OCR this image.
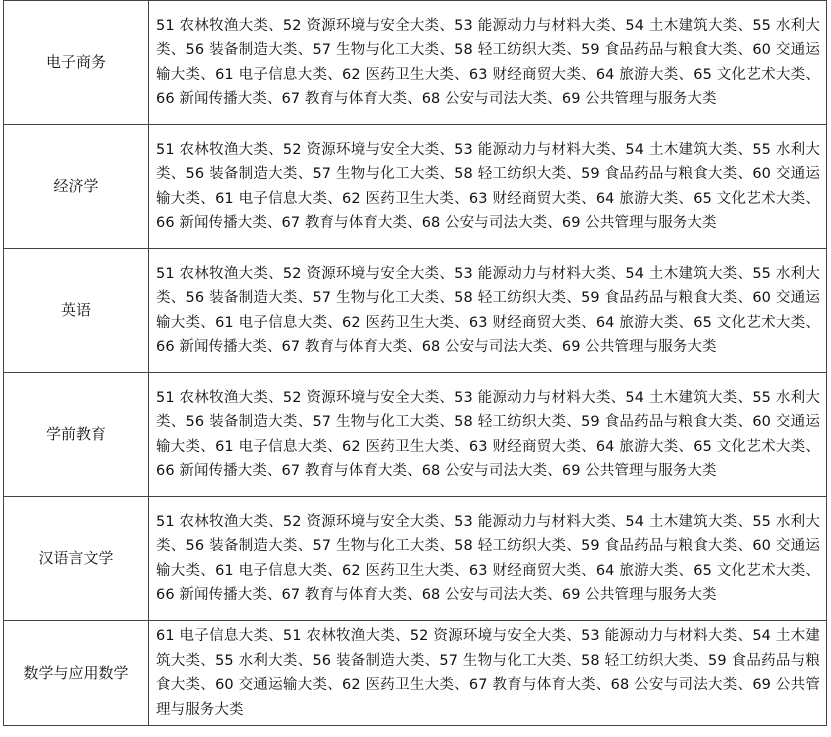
电子商务	51 农林牧渔大类、52 资源环境与安全大类、53 能源动力与材料大类、54 土木建筑大类、55 水利大类、56 装备制造大类、57 生物与化工大类、58 轻工纺织大类、59 食品药品与粮食大类、60 交通运输大类、61 电子信息大类、62 医药卫生大类、63 财经商贸大类、64 旅游大类、65 文化艺术大类、66 新闻传播大类、67 教育与体育大类、68 公安与司法大类、69 公共管理与服务大类
经济学	51 农林牧渔大类、52 资源环境与安全大类、53 能源动力与材料大类、54 土木建筑大类、55 水利大类、56 装备制造大类、57 生物与化工大类、58 轻工纺织大类、59 食品药品与粮食大类、60 交通运输大类、61 电子信息大类、62 医药卫生大类、63 财经商贸大类、64 旅游大类、65 文化艺术大类、66 新闻传播大类、67 教育与体育大类、68 公安与司法大类、69 公共管理与服务大类
英语	51 农林牧渔大类、52 资源环境与安全大类、53 能源动力与材料大类、54 土木建筑大类、55 水利大类、56 装备制造大类、57 生物与化工大类、58 轻工纺织大类、59 食品药品与粮食大类、60 交通运输大类、61 电子信息大类、62 医药卫生大类、63 财经商贸大类、64 旅游大类、65 文化艺术大类、66 新闻传播大类、67 教育与体育大类、68 公安与司法大类、69 公共管理与服务大类
学前教育	51 农林牧渔大类、52 资源环境与安全大类、53 能源动力与材料大类、54 土木建筑大类、55 水利大类、56 装备制造大类、57 生物与化工大类、58 轻工纺织大类、59 食品药品与粮食大类、60 交通运输大类、61 电子信息大类、62 医药卫生大类、63 财经商贸大类、64 旅游大类、65 文化艺术大类、66 新闻传播大类、67 教育与体育大类、68 公安与司法大类、69 公共管理与服务大类
汉语言文学	51 农林牧渔大类、52 资源环境与安全大类、53 能源动力与材料大类、54 土木建筑大类、55 水利大类、56 装备制造大类、57 生物与化工大类、58 轻工纺织大类、59 食品药品与粮食大类、60 交通运输大类、61 电子信息大类、62 医药卫生大类、63 财经商贸大类、64 旅游大类、65 文化艺术大类、66 新闻传播大类、67 教育与体育大类、68 公安与司法大类、69 公共管理与服务大类
数学与应用数学	61 电子信息大类、51 农林牧渔大类、52 资源环境与安全大类、53 能源动力与材料大类、54 土木建筑大类、55 水利大类、56 装备制造大类、57 生物与化工大类、58 轻工纺织大类、59 食品药品与粮食大类、60 交通运输大类、62 医药卫生大类、67 教育与体育大类、68 公安与司法大类、69 公共管理与服务大类
